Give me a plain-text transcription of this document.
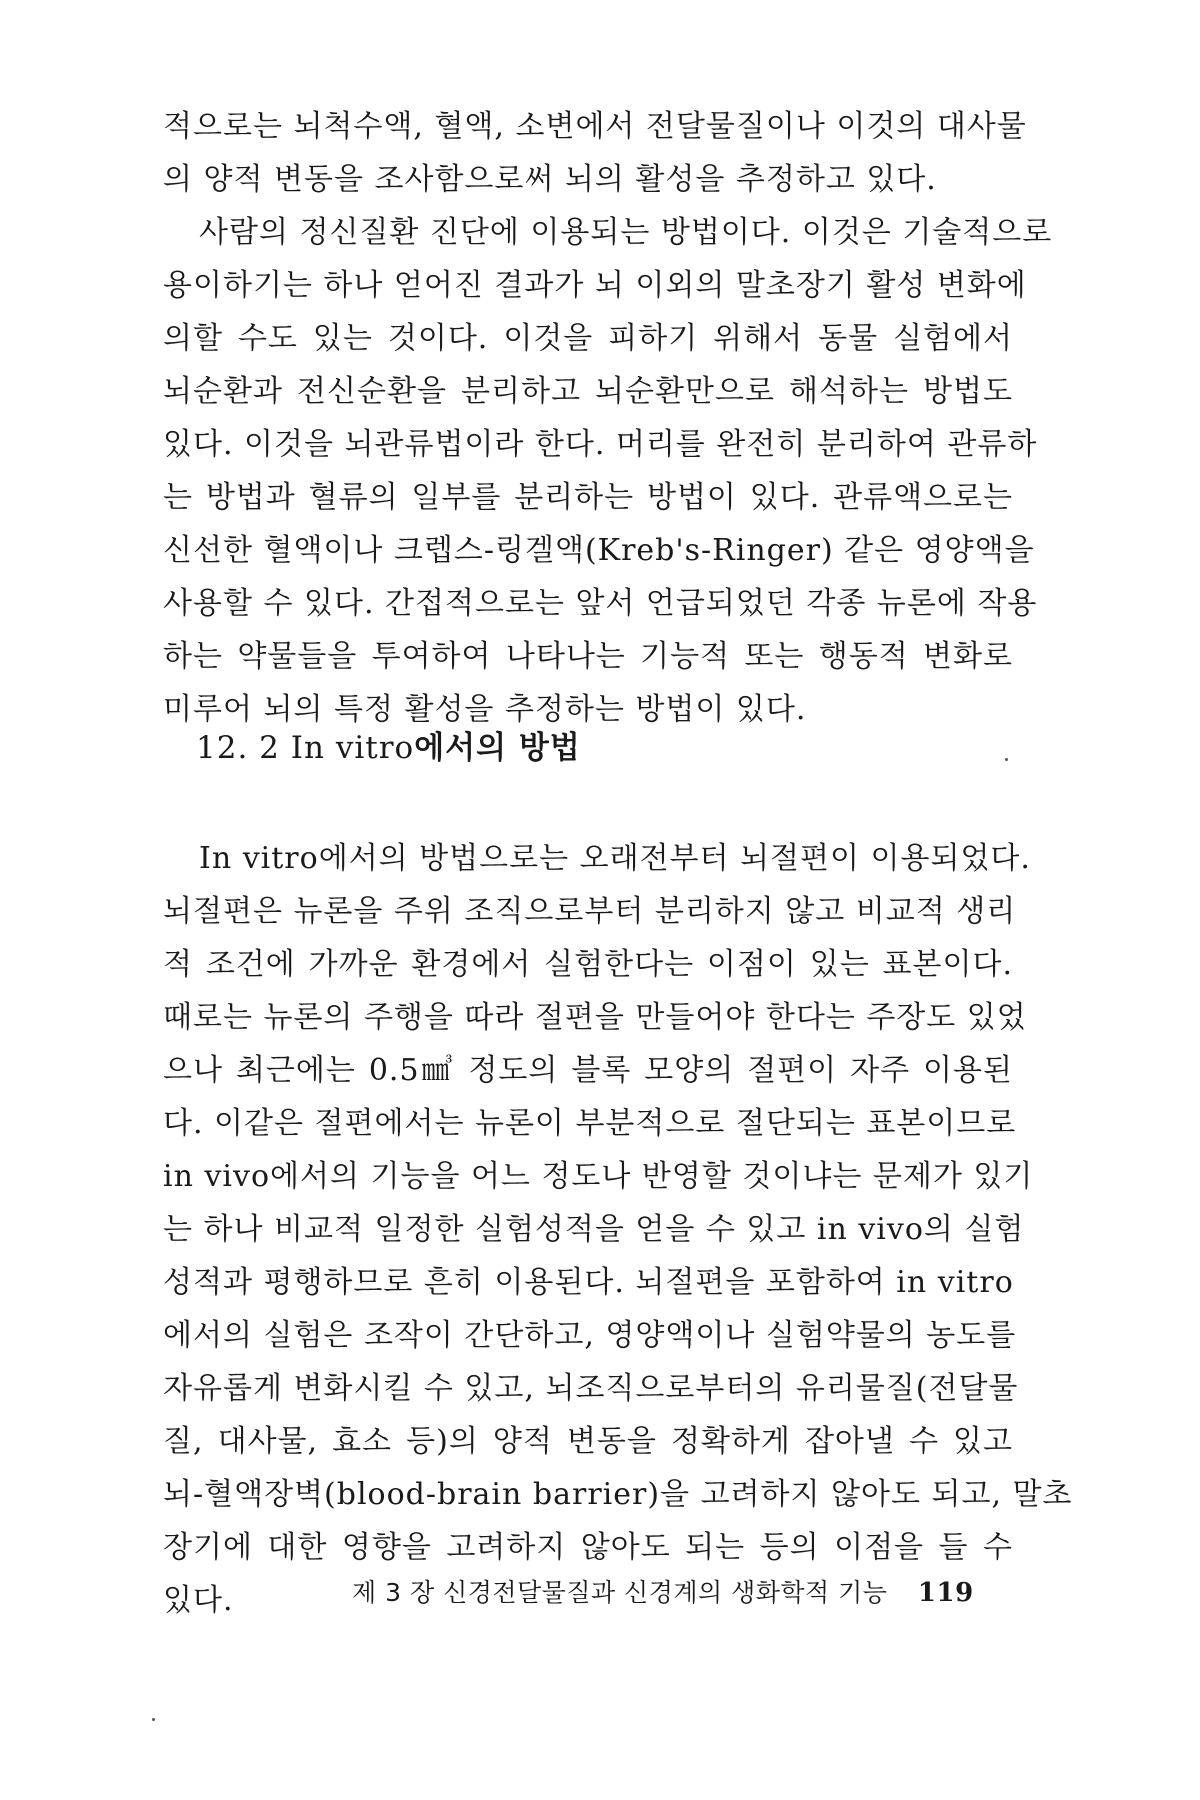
적으로는 뇌척수액, 혈액, 소변에서 전달물질이나 이것의 대사물
의 양적 변동을 조사함으로써 뇌의 활성을 추정하고 있다.
사람의 정신질환 진단에 이용되는 방법이다. 이것은 기술적으로
용이하기는 하나 얻어진 결과가 뇌 이외의 말초장기 활성 변화에
의할 수도 있는 것이다. 이것을 피하기 위해서 동물 실험에서
뇌순환과 전신순환을 분리하고 뇌순환만으로 해석하는 방법도
있다. 이것을 뇌관류법이라 한다. 머리를 완전히 분리하여 관류하
는 방법과 혈류의 일부를 분리하는 방법이 있다. 관류액으로는
신선한 혈액이나 크렙스-링겔액(Kreb's-Ringer) 같은 영양액을
사용할 수 있다. 간접적으로는 앞서 언급되었던 각종 뉴론에 작용
하는 약물들을 투여하여 나타나는 기능적 또는 행동적 변화로
미루어 뇌의 특정 활성을 추정하는 방법이 있다.
12. 2 In vitro에서의 방법
In vitro에서의 방법으로는 오래전부터 뇌절편이 이용되었다.
뇌절편은 뉴론을 주위 조직으로부터 분리하지 않고 비교적 생리
적 조건에 가까운 환경에서 실험한다는 이점이 있는 표본이다.
때로는 뉴론의 주행을 따라 절편을 만들어야 한다는 주장도 있었
으나 최근에는 0.5㎣ 정도의 블록 모양의 절편이 자주 이용된
다. 이같은 절편에서는 뉴론이 부분적으로 절단되는 표본이므로
in vivo에서의 기능을 어느 정도나 반영할 것이냐는 문제가 있기
는 하나 비교적 일정한 실험성적을 얻을 수 있고 in vivo의 실험
성적과 평행하므로 흔히 이용된다. 뇌절편을 포함하여 in vitro
에서의 실험은 조작이 간단하고, 영양액이나 실험약물의 농도를
자유롭게 변화시킬 수 있고, 뇌조직으로부터의 유리물질(전달물
질, 대사물, 효소 등)의 양적 변동을 정확하게 잡아낼 수 있고
뇌-혈액장벽(blood-brain barrier)을 고려하지 않아도 되고, 말초
장기에 대한 영향을 고려하지 않아도 되는 등의 이점을 들 수
있다.	제 3 장 신경전달물질과 신경계의 생화학적 기능 119
